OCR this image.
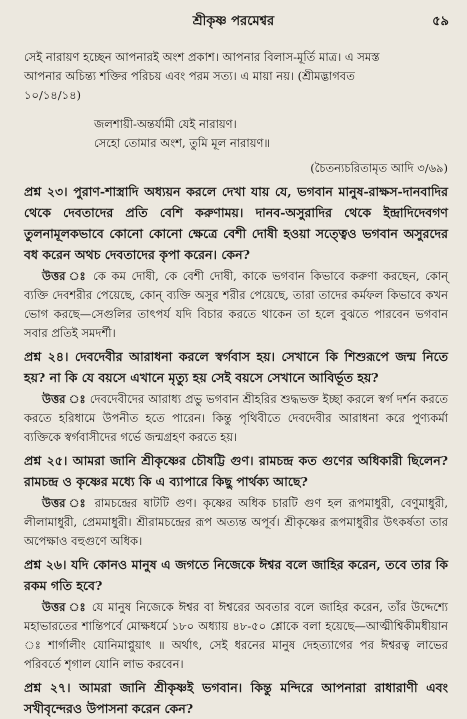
শ্রীকৃষ্ণ পরমেশ্বর	৫৯

সেই নারায়ণ হচ্ছেন আপনারই অংশ প্রকাশ। আপনার বিলাস-মূর্তি মাত্র। এ সমস্ত

আপনার অচিন্ত্য শক্তির পরিচয় এবং পরম সত্য। এ মায়া নয়। (শ্রীমদ্ভাগবত

১০/১৪/১৪)

জলশায়ী-অন্তর্যামী যেই নারায়ণ।

সেহো তোমার অংশ, তুমি মূল নারায়ণ॥

(চৈতন্যচরিতামৃত আদি ৩/৬৯)

প্রশ্ন ২৩। পুরাণ-শাস্ত্রাদি অধ্যয়ন করলে দেখা যায় যে, ভগবান মানুষ-রাক্ষস-দানবাদির থেকে দেবতাদের প্রতি বেশি করুণাময়। দানব-অসুরাদির থেকে ইন্দ্রাদিদেবগণ তুলনামূলকভাবে কোনো কোনো ক্ষেত্রে বেশী দোষী হওয়া সত্ত্বেও ভগবান অসুরদের বধ করেন অথচ দেবতাদের কৃপা করেন। কেন?

উত্তর ঃ কে কম দোষী, কে বেশী দোষী, কাকে ভগবান কিভাবে করুণা করছেন, কোন্ ব্যক্তি দেবশরীর পেয়েছে, কোন্ ব্যক্তি অসুর শরীর পেয়েছে, তারা তাদের কর্মফল কিভাবে কখন ভোগ করছে—সেগুলির তাৎপর্য যদি বিচার করতে থাকেন তা হলে বুঝতে পারবেন ভগবান সবার প্রতিই সমদর্শী।

প্রশ্ন ২৪। দেবদেবীর আরাধনা করলে স্বর্গবাস হয়। সেখানে কি শিশুরূপে জন্ম নিতে হয়? না কি যে বয়সে এখানে মৃত্যু হয় সেই বয়সে সেখানে আবির্ভূত হয়?

উত্তর ঃ দেবদেবীদের আরাধ্য প্রভু ভগবান শ্রীহরির শুদ্ধভক্ত ইচ্ছা করলে স্বর্গ দর্শন করতে করতে হরিধামে উপনীত হতে পারেন। কিন্তু পৃথিবীতে দেবদেবীর আরাধনা করে পুণ্যকর্মা ব্যক্তিকে স্বর্গবাসীদের গর্ভে জন্মগ্রহণ করতে হয়।

প্রশ্ন ২৫। আমরা জানি শ্রীকৃষ্ণের চৌষট্টি গুণ। রামচন্দ্র কত গুণের অধিকারী ছিলেন? রামচন্দ্র ও কৃষ্ণের মধ্যে কি এ ব্যাপারে কিছু পার্থক্য আছে?

উত্তর ঃ রামচন্দ্রের ষাটটি গুণ। কৃষ্ণের অধিক চারটি গুণ হল রূপমাধুরী, বেণুমাধুরী, লীলামাধুরী, প্রেমমাধুরী। শ্রীরামচন্দ্রের রূপ অত্যন্ত অপূর্ব। শ্রীকৃষ্ণের রূপমাধুরীর উৎকর্ষতা তার অপেক্ষাও বহুগুণে অধিক।

প্রশ্ন ২৬। যদি কোনও মানুষ এ জগতে নিজেকে ঈশ্বর বলে জাহির করেন, তবে তার কি রকম গতি হবে?

উত্তর ঃ যে মানুষ নিজেকে ঈশ্বর বা ঈশ্বরের অবতার বলে জাহির করেন, তাঁর উদ্দেশ্যে মহাভারতের শান্তিপর্বে মোক্ষধর্মে ১৮০ অধ্যায় ৪৮-৫০ শ্লোকে বলা হয়েছে—আত্মীশ্বিকীমধীয়ান ঃ শার্গালীং যোনিমাপ্নুয়াৎ ॥ অর্থাৎ, সেই ধরনের মানুষ দেহত্যাগের পর ঈশ্বরত্ব লাভের পরিবর্তে শৃগাল যোনি লাভ করবেন।

প্রশ্ন ২৭। আমরা জানি শ্রীকৃষ্ণই ভগবান। কিন্তু মন্দিরে আপনারা রাধারাণী এবং সখীবৃন্দেরও উপাসনা করেন কেন?
